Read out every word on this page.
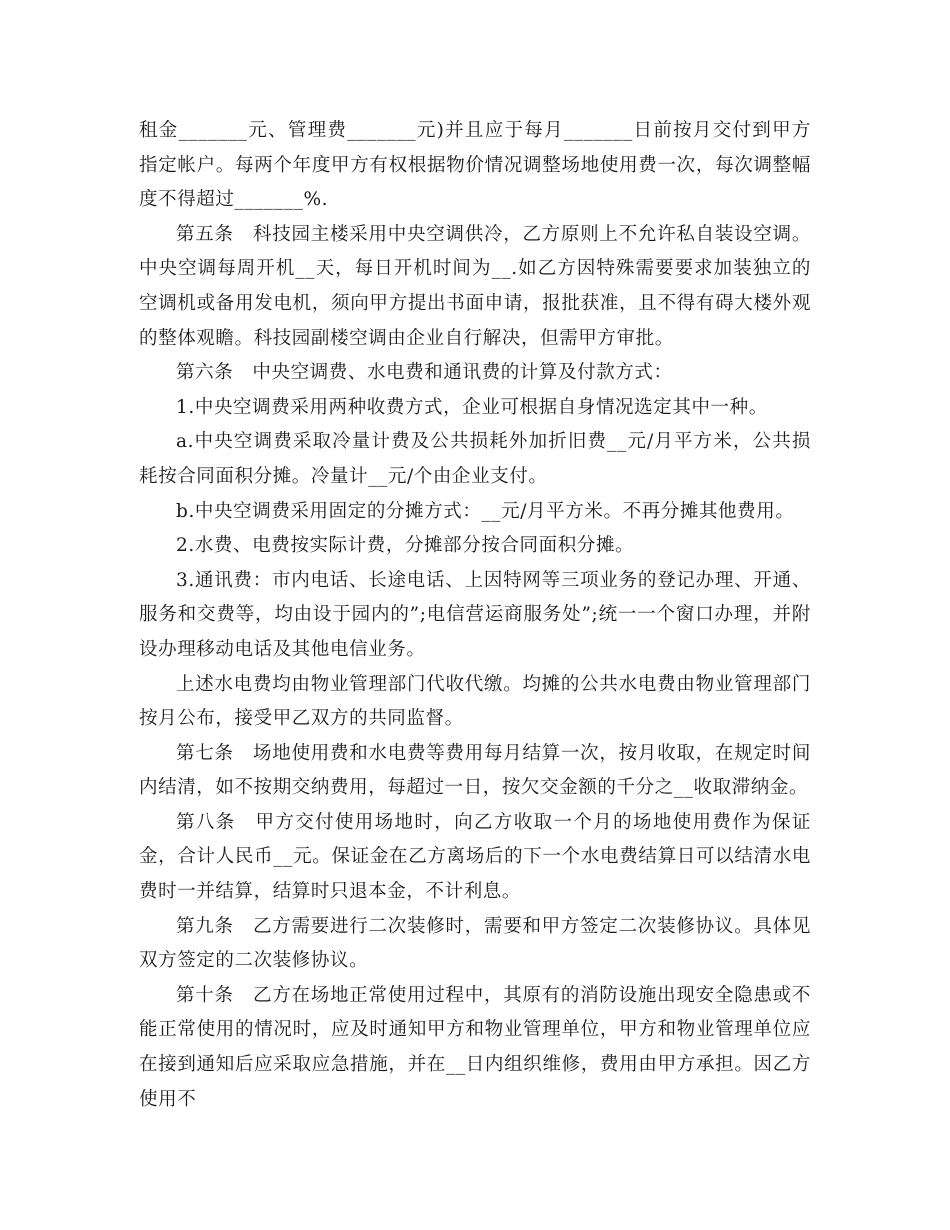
租金_______元、管理费_______元)并且应于每月_______日前按月交付到甲方指定帐户。每两个年度甲方有权根据物价情况调整场地使用费一次，每次调整幅度不得超过_______%.

第五条　科技园主楼采用中央空调供冷，乙方原则上不允许私自装设空调。中央空调每周开机__天，每日开机时间为__.如乙方因特殊需要要求加装独立的空调机或备用发电机，须向甲方提出书面申请，报批获准，且不得有碍大楼外观的整体观瞻。科技园副楼空调由企业自行解决，但需甲方审批。

第六条　中央空调费、水电费和通讯费的计算及付款方式：

1.中央空调费采用两种收费方式，企业可根据自身情况选定其中一种。

a.中央空调费采取冷量计费及公共损耗外加折旧费__元/月平方米，公共损耗按合同面积分摊。冷量计__元/个由企业支付。

b.中央空调费采用固定的分摊方式：__元/月平方米。不再分摊其他费用。

2.水费、电费按实际计费，分摊部分按合同面积分摊。

3.通讯费：市内电话、长途电话、上因特网等三项业务的登记办理、开通、服务和交费等，均由设于园内的”;电信营运商服务处”;统一一个窗口办理，并附设办理移动电话及其他电信业务。

上述水电费均由物业管理部门代收代缴。均摊的公共水电费由物业管理部门按月公布，接受甲乙双方的共同监督。

第七条　场地使用费和水电费等费用每月结算一次，按月收取，在规定时间内结清，如不按期交纳费用，每超过一日，按欠交金额的千分之__收取滞纳金。

第八条　甲方交付使用场地时，向乙方收取一个月的场地使用费作为保证金，合计人民币__元。保证金在乙方离场后的下一个水电费结算日可以结清水电费时一并结算，结算时只退本金，不计利息。

第九条　乙方需要进行二次装修时，需要和甲方签定二次装修协议。具体见双方签定的二次装修协议。

第十条　乙方在场地正常使用过程中，其原有的消防设施出现安全隐患或不能正常使用的情况时，应及时通知甲方和物业管理单位，甲方和物业管理单位应在接到通知后应采取应急措施，并在__日内组织维修，费用由甲方承担。因乙方使用不
